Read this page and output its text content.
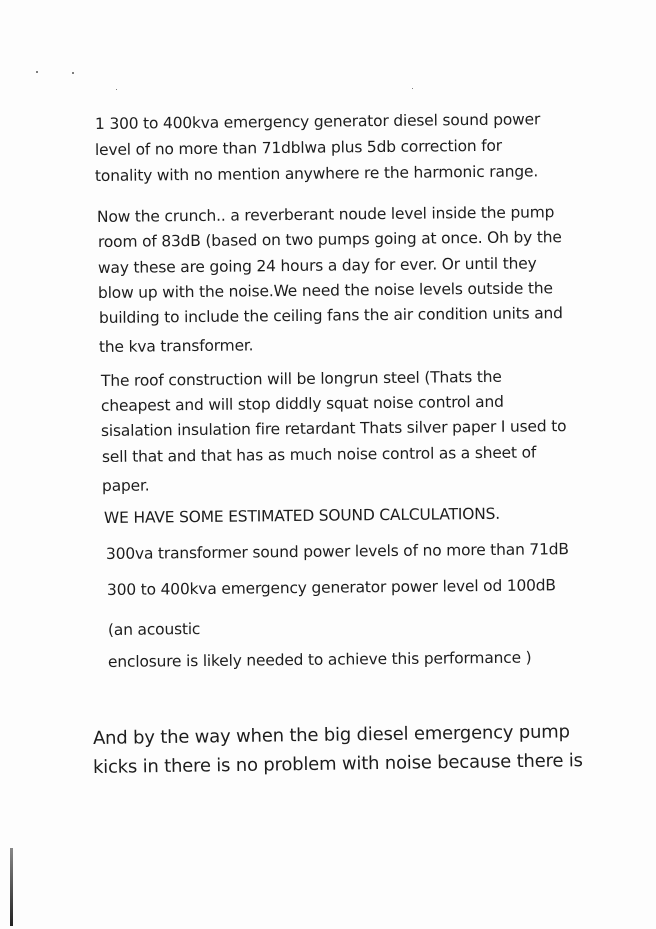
1 300 to 400kva emergency generator diesel sound power
level of no more than 71dblwa plus 5db correction for
tonality with no mention anywhere re the harmonic range.
Now the crunch.. a reverberant noude level inside the pump
room of 83dB (based on two pumps going at once. Oh by the
way these are going 24 hours a day for ever. Or until they
blow up with the noise.We need the noise levels outside the
building to include the ceiling fans the air condition units and
the kva transformer.
The roof construction will be longrun steel (Thats the
cheapest and will stop diddly squat noise control and
sisalation insulation fire retardant Thats silver paper I used to
sell that and that has as much noise control as a sheet of
paper.
WE HAVE SOME ESTIMATED SOUND CALCULATIONS.
300va transformer sound power levels of no more than 71dB
300 to 400kva emergency generator power level od 100dB
(an acoustic
enclosure is likely needed to achieve this performance )
And by the way when the big diesel emergency pump
kicks in there is no problem with noise because there is
